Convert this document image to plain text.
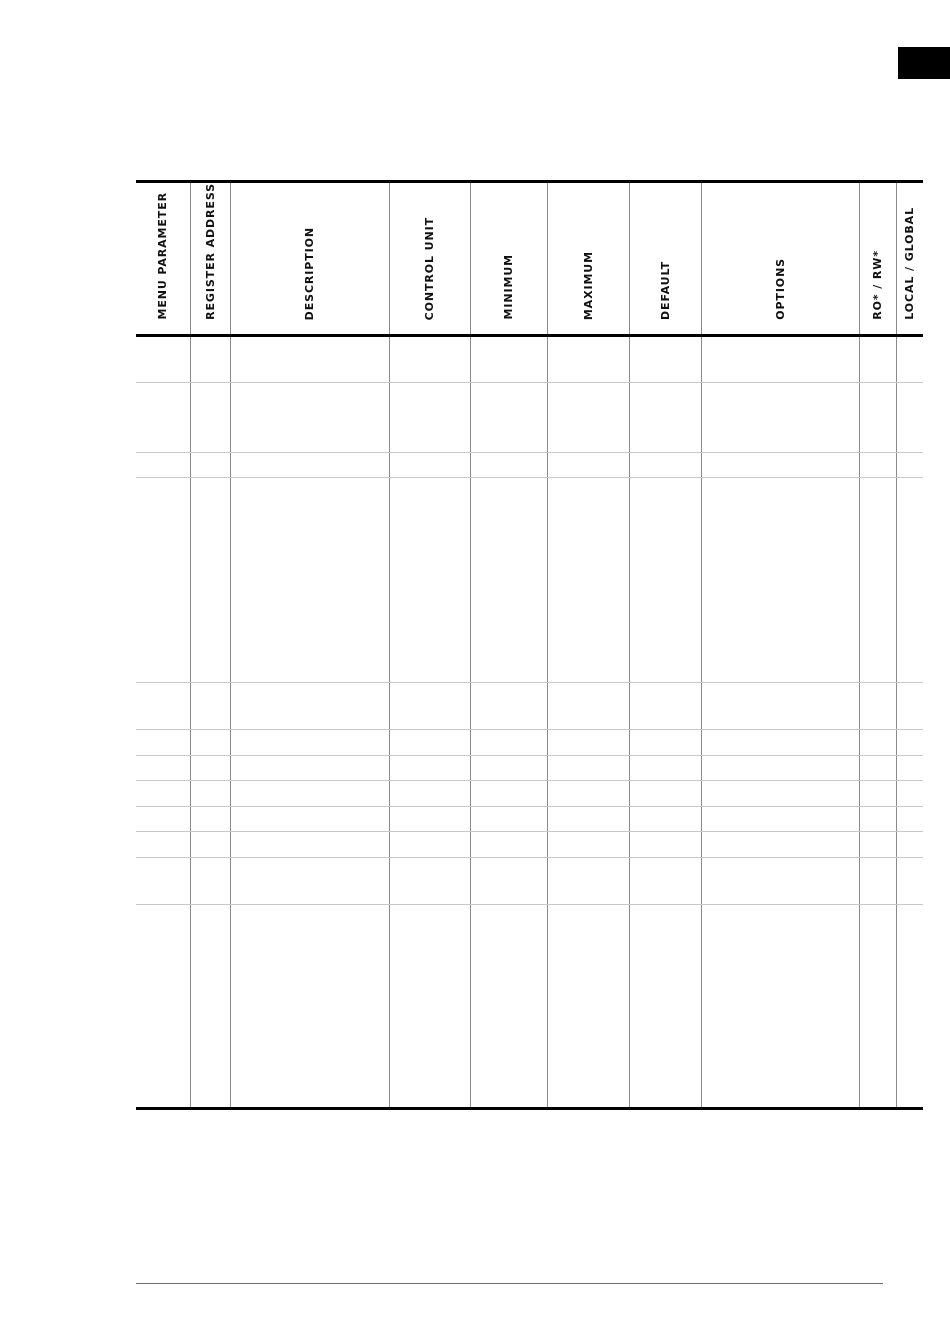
MENU PARAMETER	REGISTER ADDRESS	DESCRIPTION	CONTROL UNIT	MINIMUM	MAXIMUM	DEFAULT	OPTIONS	RO* / RW*	LOCAL / GLOBAL
